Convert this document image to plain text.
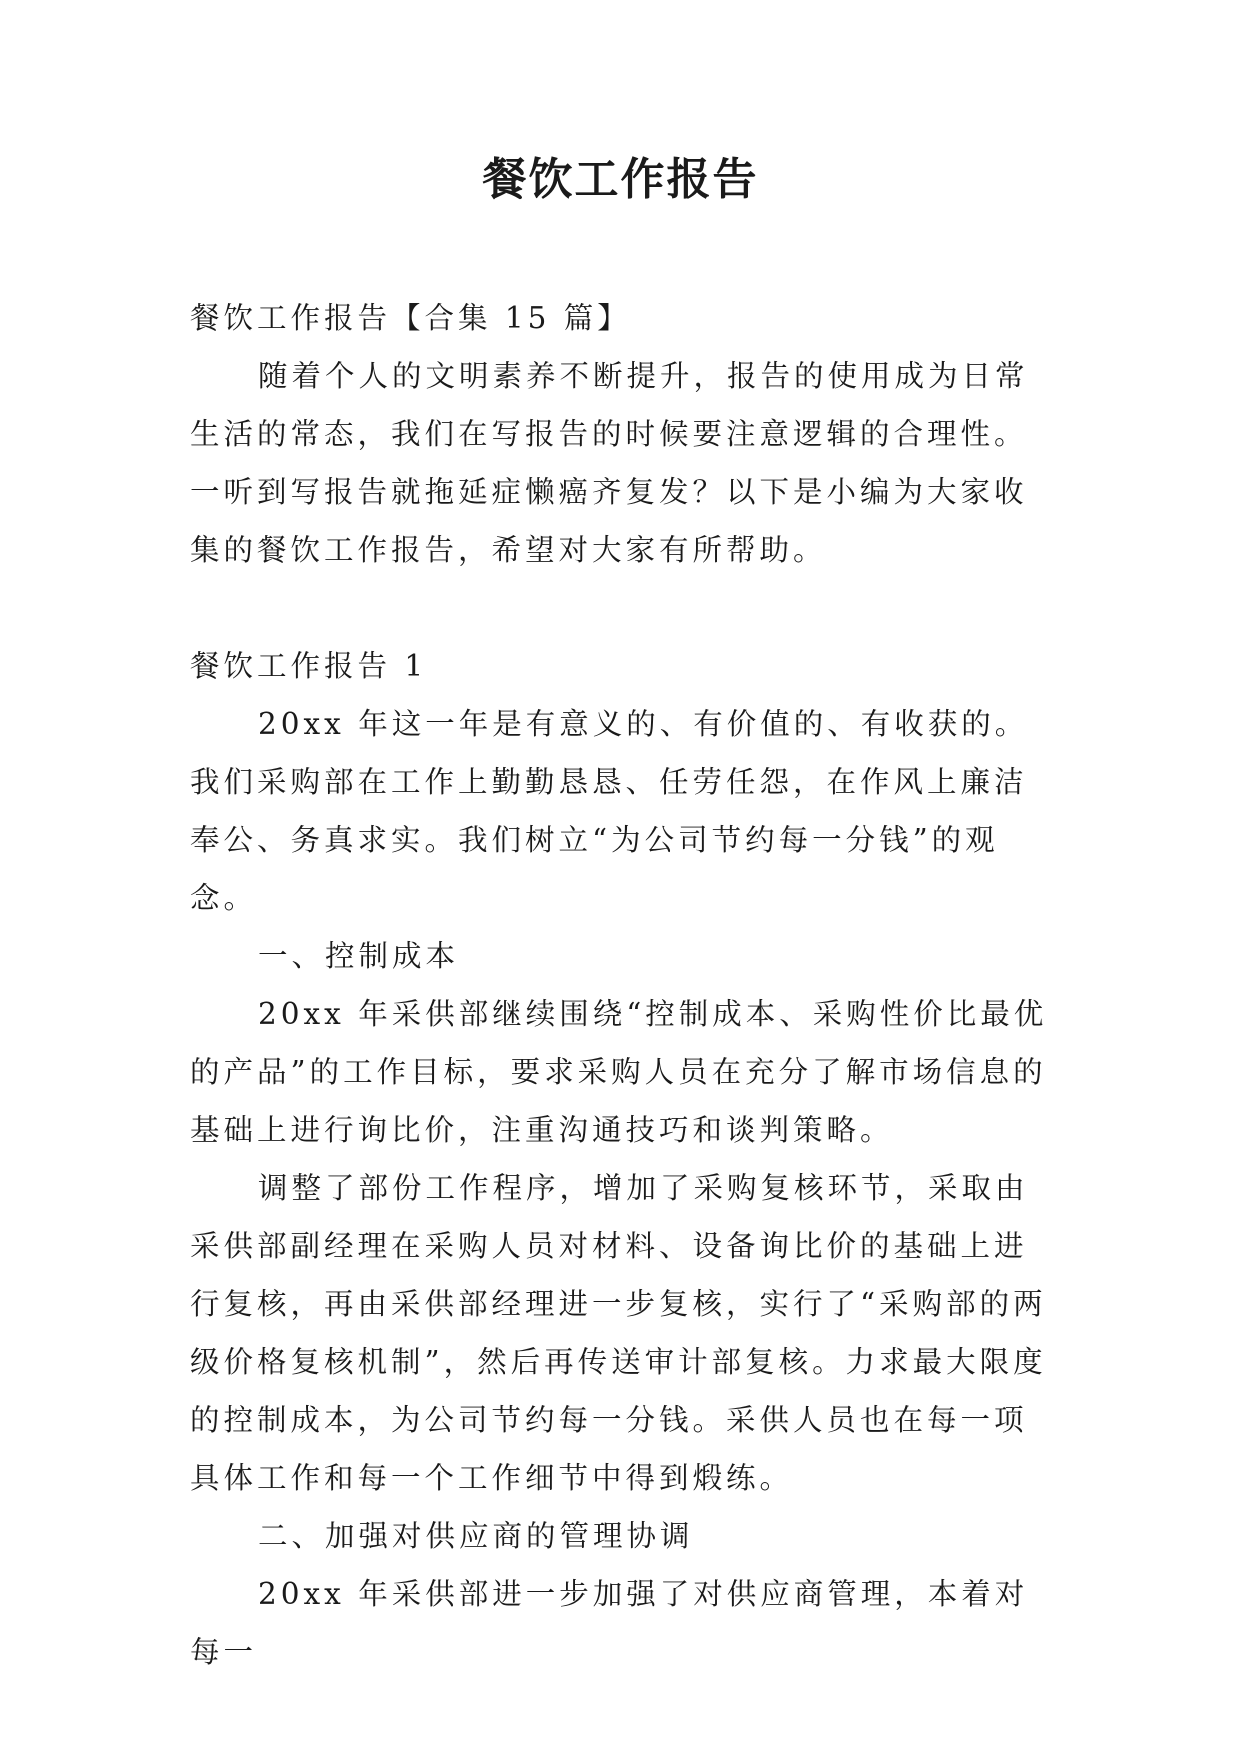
餐饮工作报告

餐饮工作报告【合集 15 篇】

随着个人的文明素养不断提升，报告的使用成为日常生活的常态，我们在写报告的时候要注意逻辑的合理性。一听到写报告就拖延症懒癌齐复发？以下是小编为大家收集的餐饮工作报告，希望对大家有所帮助。

餐饮工作报告 1

20xx 年这一年是有意义的、有价值的、有收获的。我们采购部在工作上勤勤恳恳、任劳任怨，在作风上廉洁奉公、务真求实。我们树立“为公司节约每一分钱”的观念。

一、控制成本

20xx 年采供部继续围绕“控制成本、采购性价比最优的产品”的工作目标，要求采购人员在充分了解市场信息的基础上进行询比价，注重沟通技巧和谈判策略。

调整了部份工作程序，增加了采购复核环节，采取由采供部副经理在采购人员对材料、设备询比价的基础上进行复核，再由采供部经理进一步复核，实行了“采购部的两级价格复核机制”，然后再传送审计部复核。力求最大限度的控制成本，为公司节约每一分钱。采供人员也在每一项具体工作和每一个工作细节中得到煅练。

二、加强对供应商的管理协调

20xx 年采供部进一步加强了对供应商管理，本着对每一
